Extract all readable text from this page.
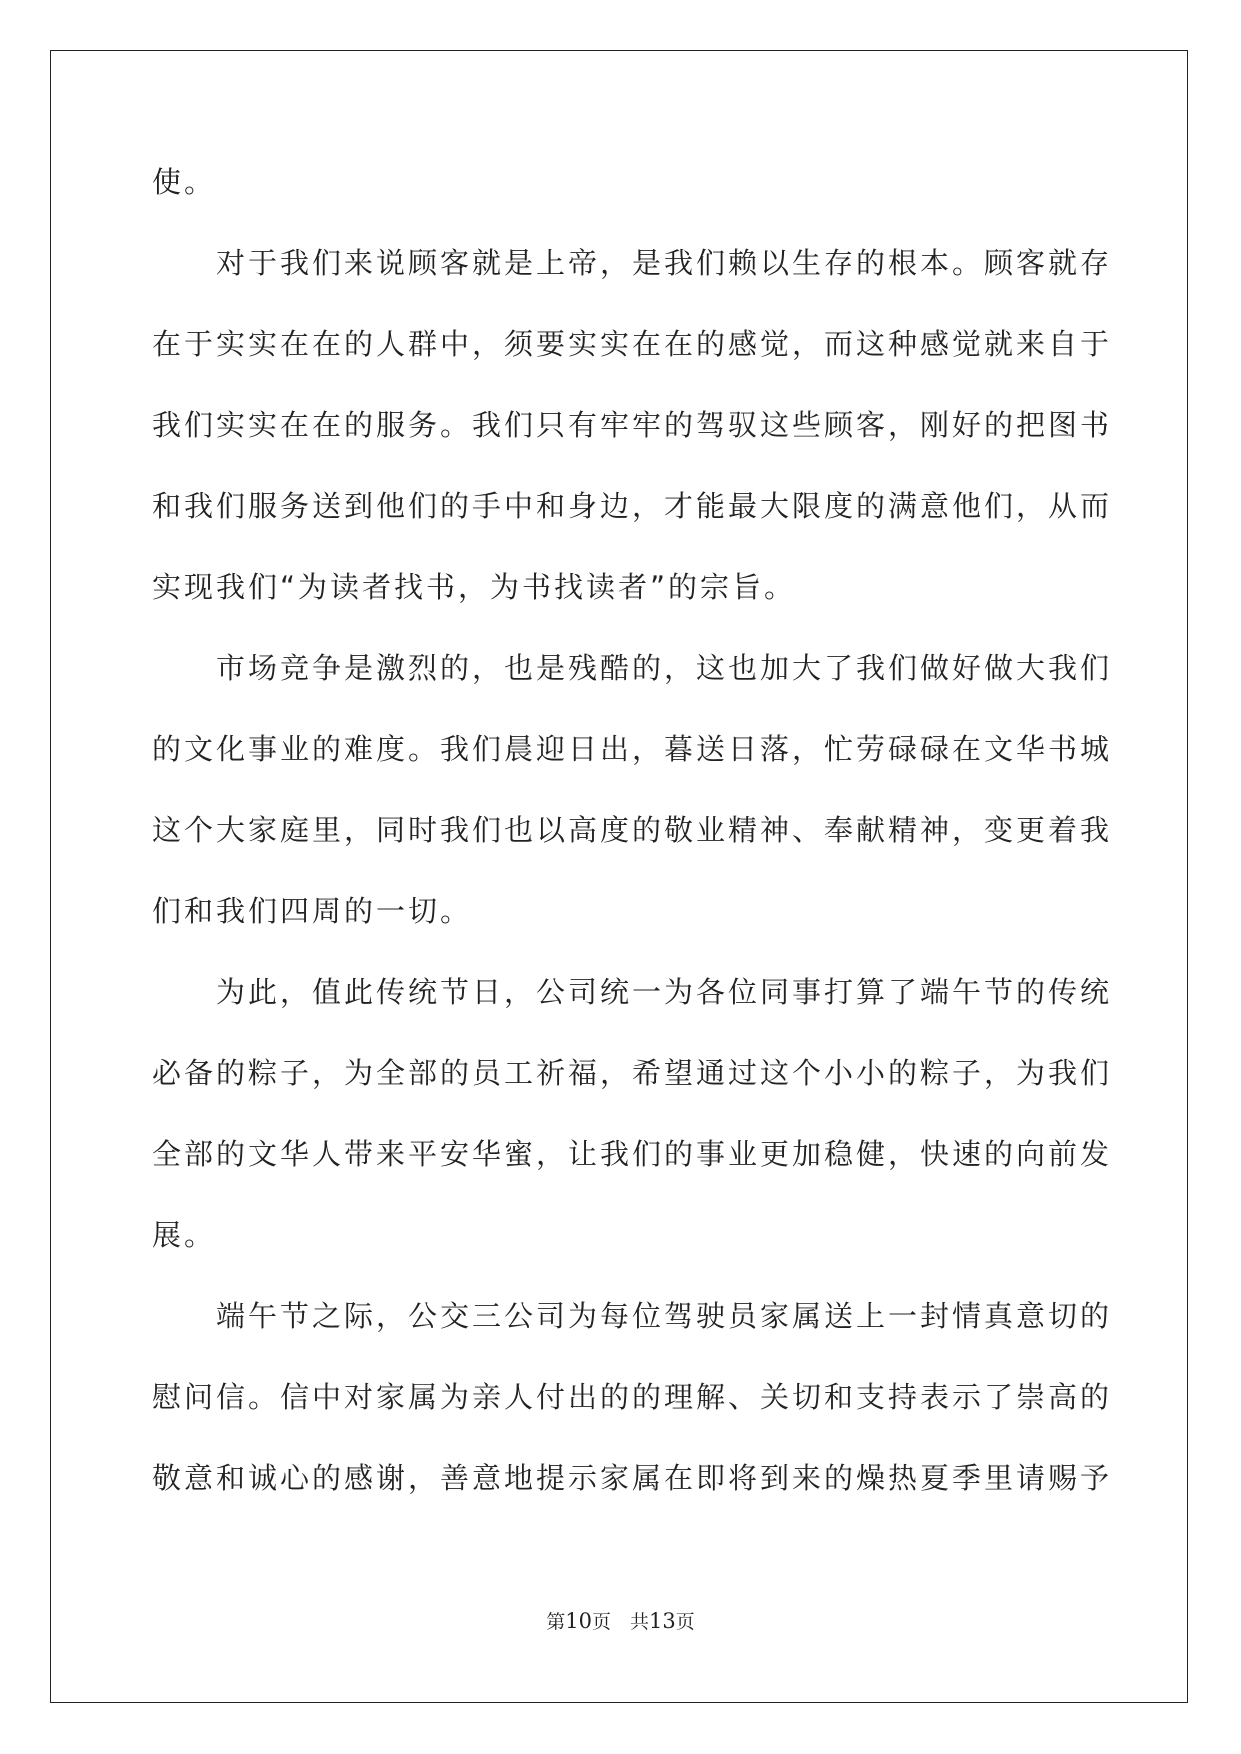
使。
　　对于我们来说顾客就是上帝，是我们赖以生存的根本。顾客就存
在于实实在在的人群中，须要实实在在的感觉，而这种感觉就来自于
我们实实在在的服务。我们只有牢牢的驾驭这些顾客，刚好的把图书
和我们服务送到他们的手中和身边，才能最大限度的满意他们，从而
实现我们“为读者找书，为书找读者”的宗旨。
　　市场竞争是激烈的，也是残酷的，这也加大了我们做好做大我们
的文化事业的难度。我们晨迎日出，暮送日落，忙劳碌碌在文华书城
这个大家庭里，同时我们也以高度的敬业精神、奉献精神，变更着我
们和我们四周的一切。
　　为此，值此传统节日，公司统一为各位同事打算了端午节的传统
必备的粽子，为全部的员工祈福，希望通过这个小小的粽子，为我们
全部的文华人带来平安华蜜，让我们的事业更加稳健，快速的向前发
展。
　　端午节之际，公交三公司为每位驾驶员家属送上一封情真意切的
慰问信。信中对家属为亲人付出的的理解、关切和支持表示了崇高的
敬意和诚心的感谢，善意地提示家属在即将到来的燥热夏季里请赐予
第10页　共13页
